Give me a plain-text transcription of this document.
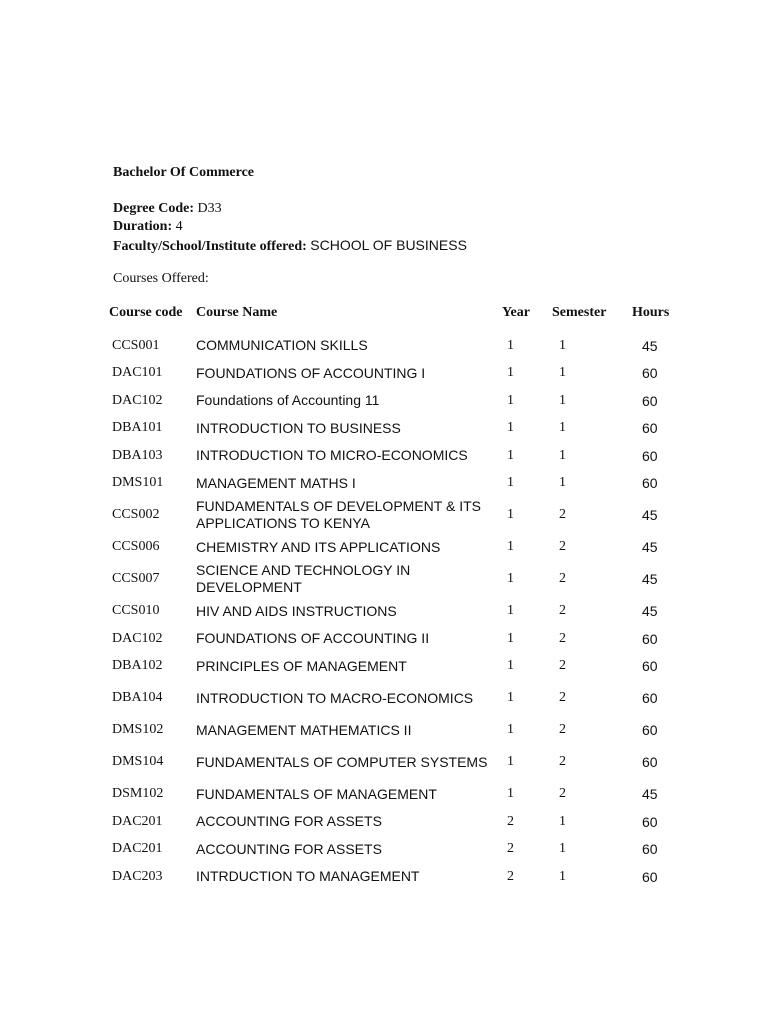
Bachelor Of Commerce
Degree Code: D33
Duration: 4
Faculty/School/Institute offered: SCHOOL OF BUSINESS
Courses Offered:
Course code	Course Name	Year	Semester	Hours
CCS001	COMMUNICATION SKILLS	1	1	45
DAC101	FOUNDATIONS OF ACCOUNTING I	1	1	60
DAC102	Foundations of Accounting 11	1	1	60
DBA101	INTRODUCTION TO BUSINESS	1	1	60
DBA103	INTRODUCTION TO MICRO-ECONOMICS	1	1	60
DMS101	MANAGEMENT MATHS I	1	1	60
CCS002	FUNDAMENTALS OF DEVELOPMENT & ITS APPLICATIONS TO KENYA	1	2	45
CCS006	CHEMISTRY AND ITS APPLICATIONS	1	2	45
CCS007	SCIENCE AND TECHNOLOGY IN DEVELOPMENT	1	2	45
CCS010	HIV AND AIDS INSTRUCTIONS	1	2	45
DAC102	FOUNDATIONS OF ACCOUNTING II	1	2	60
DBA102	PRINCIPLES OF MANAGEMENT	1	2	60
DBA104	INTRODUCTION TO MACRO-ECONOMICS	1	2	60
DMS102	MANAGEMENT MATHEMATICS II	1	2	60
DMS104	FUNDAMENTALS OF COMPUTER SYSTEMS	1	2	60
DSM102	FUNDAMENTALS OF MANAGEMENT	1	2	45
DAC201	ACCOUNTING FOR ASSETS	2	1	60
DAC201	ACCOUNTING FOR ASSETS	2	1	60
DAC203	INTRDUCTION TO MANAGEMENT	2	1	60
